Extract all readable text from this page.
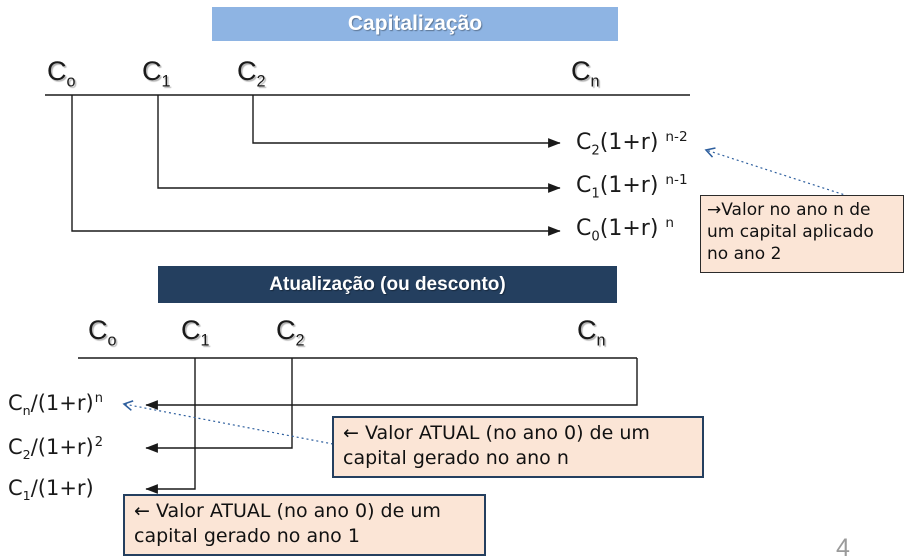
Capitalização
$C_o$ $C_1$ $C_2$	$C_n$
$C_2(1+r)$ $^{n-2}$
$C_1(1+r)$ $^{n-1}$
$C_0(1+r)$ $^n$
→Valor no ano n de um capital aplicado no ano 2
Atualização (ou desconto)
$C_o$ $C_1$ $C_2$	$C_n$
$C_n/(1+r)^n$
$C_2/(1+r)^2$
$C_1/(1+r)$
← Valor ATUAL (no ano 0) de um capital gerado no ano n
← Valor ATUAL (no ano 0) de um capital gerado no ano 1	4
